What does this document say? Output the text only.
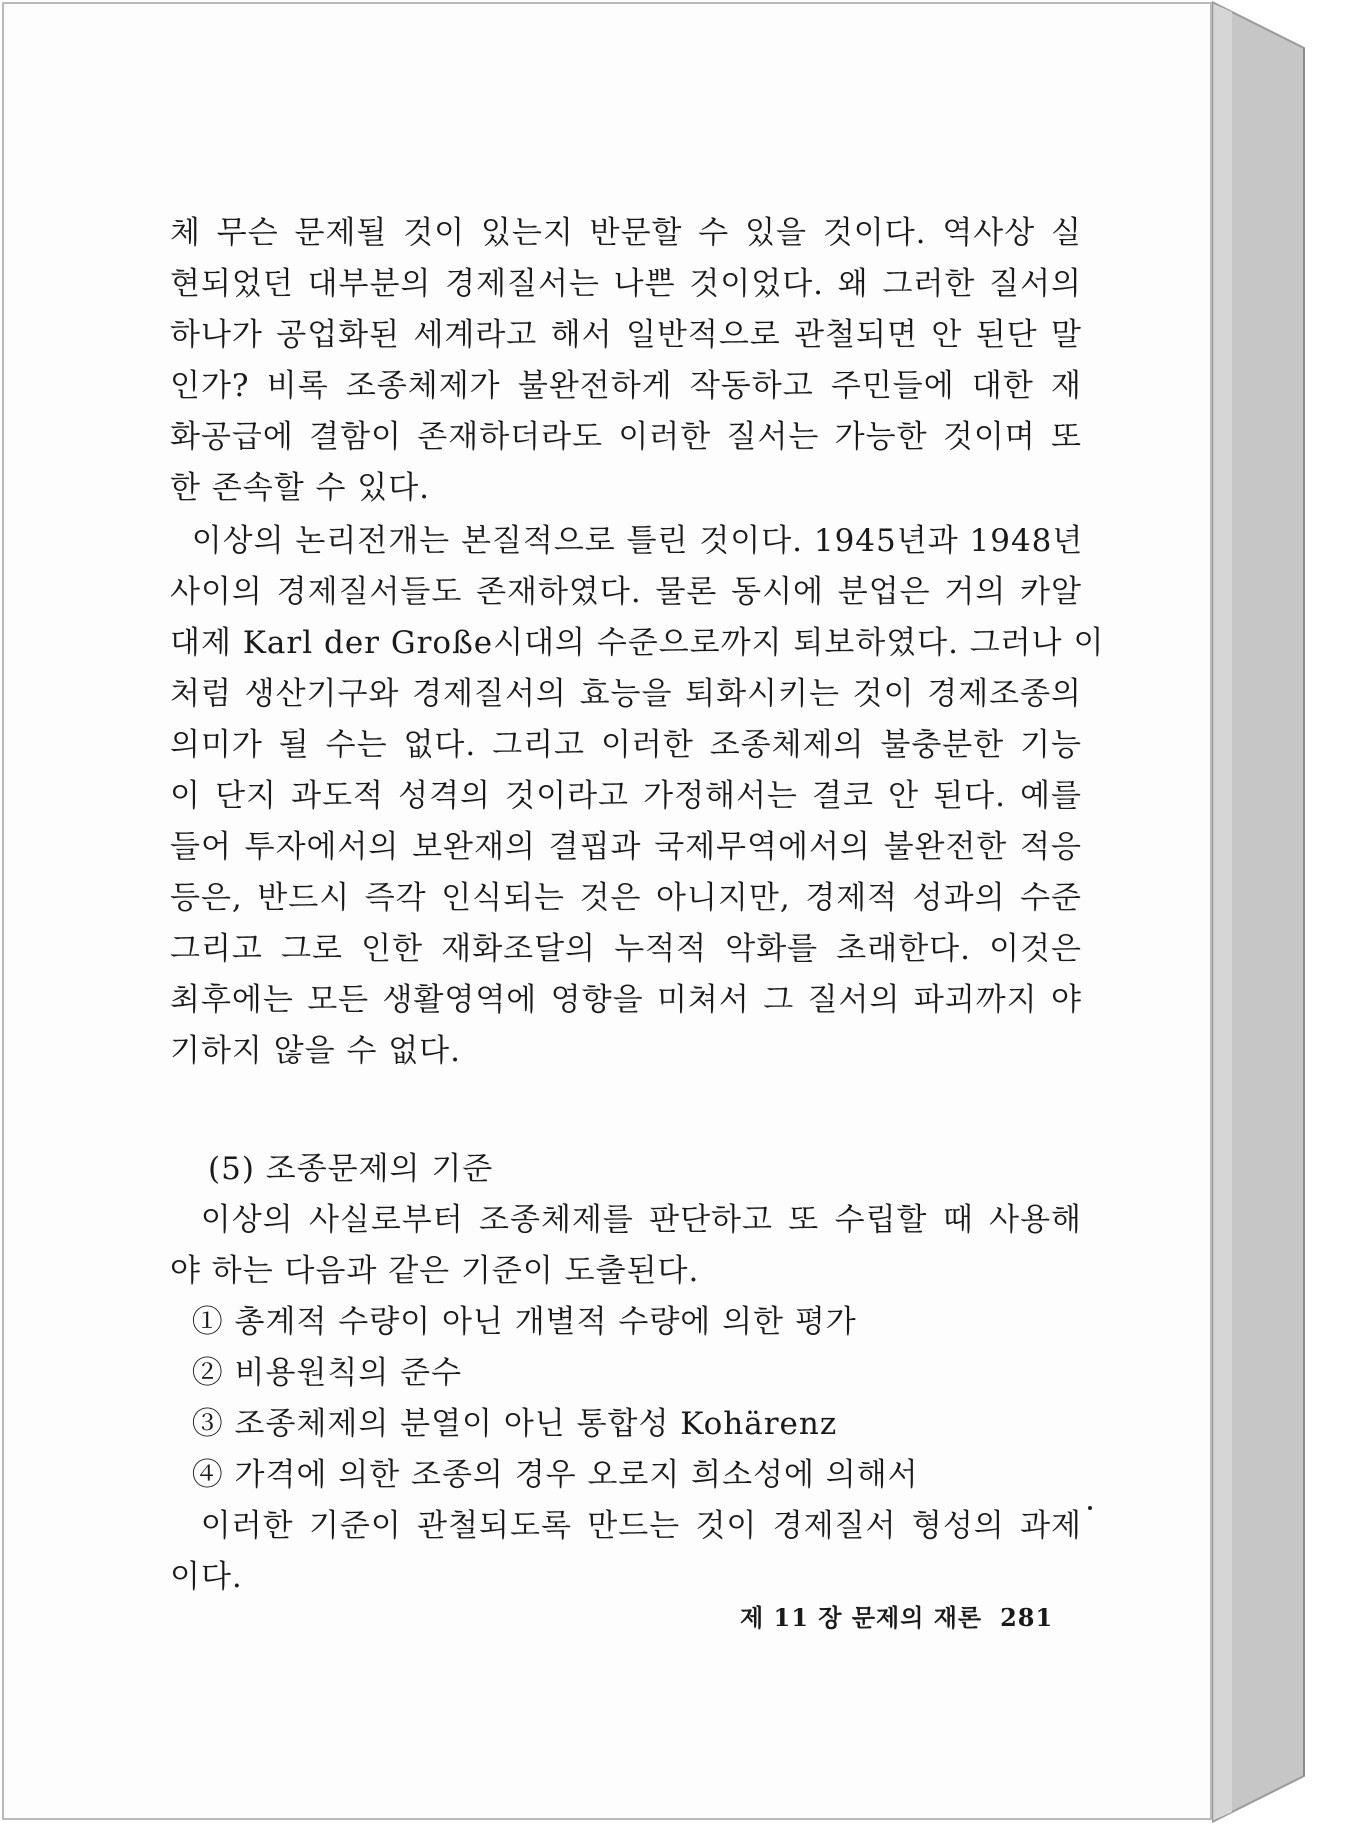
체 무슨 문제될 것이 있는지 반문할 수 있을 것이다. 역사상 실
현되었던 대부분의 경제질서는 나쁜 것이었다. 왜 그러한 질서의
하나가 공업화된 세계라고 해서 일반적으로 관철되면 안 된단 말
인가? 비록 조종체제가 불완전하게 작동하고 주민들에 대한 재
화공급에 결함이 존재하더라도 이러한 질서는 가능한 것이며 또
한 존속할 수 있다.
이상의 논리전개는 본질적으로 틀린 것이다. 1945년과 1948년
사이의 경제질서들도 존재하였다. 물론 동시에 분업은 거의 카알
대제 Karl der Große시대의 수준으로까지 퇴보하였다. 그러나 이
처럼 생산기구와 경제질서의 효능을 퇴화시키는 것이 경제조종의
의미가 될 수는 없다. 그리고 이러한 조종체제의 불충분한 기능
이 단지 과도적 성격의 것이라고 가정해서는 결코 안 된다. 예를
들어 투자에서의 보완재의 결핍과 국제무역에서의 불완전한 적응
등은, 반드시 즉각 인식되는 것은 아니지만, 경제적 성과의 수준
그리고 그로 인한 재화조달의 누적적 악화를 초래한다. 이것은
최후에는 모든 생활영역에 영향을 미쳐서 그 질서의 파괴까지 야
기하지 않을 수 없다.
(5) 조종문제의 기준
이상의 사실로부터 조종체제를 판단하고 또 수립할 때 사용해
야 하는 다음과 같은 기준이 도출된다.
① 총계적 수량이 아닌 개별적 수량에 의한 평가
② 비용원칙의 준수
③ 조종체제의 분열이 아닌 통합성 Kohärenz
④ 가격에 의한 조종의 경우 오로지 희소성에 의해서
이러한 기준이 관철되도록 만드는 것이 경제질서 형성의 과제
이다.
제 11 장 문제의 재론 281
